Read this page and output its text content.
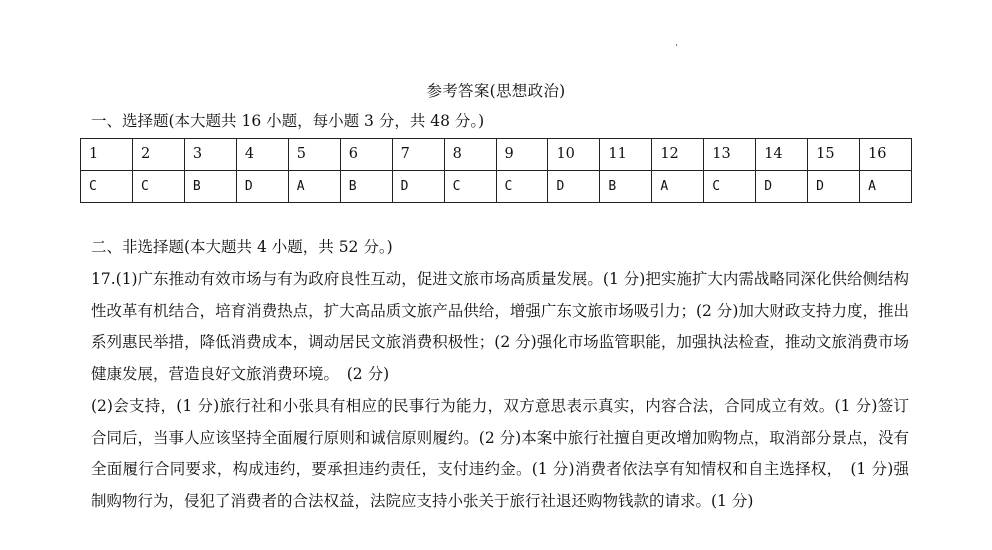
参考答案(思想政治)
一、选择题(本大题共 16 小题，每小题 3 分，共 48 分。)
1	2	3	4	5	6	7	8	9	10	11	12	13	14	15	16
C	C	B	D	A	B	D	C	C	D	B	A	C	D	D	A
二、非选择题(本大题共 4 小题，共 52 分。)
17.(1)广东推动有效市场与有为政府良性互动，促进文旅市场高质量发展。(1 分)把实施扩大内需战略同深化供给侧结构性改革有机结合，培育消费热点，扩大高品质文旅产品供给，增强广东文旅市场吸引力；(2 分)加大财政支持力度，推出系列惠民举措，降低消费成本，调动居民文旅消费积极性；(2 分)强化市场监管职能，加强执法检查，推动文旅消费市场健康发展，营造良好文旅消费环境。　(2 分)
(2)会支持，(1 分)旅行社和小张具有相应的民事行为能力，双方意思表示真实，内容合法，合同成立有效。(1 分)签订合同后，当事人应该坚持全面履行原则和诚信原则履约。(2 分)本案中旅行社擅自更改增加购物点，取消部分景点，没有全面履行合同要求，构成违约，要承担违约责任，支付违约金。(1 分)消费者依法享有知情权和自主选择权，　(1 分)强制购物行为，侵犯了消费者的合法权益，法院应支持小张关于旅行社退还购物钱款的请求。(1 分)
